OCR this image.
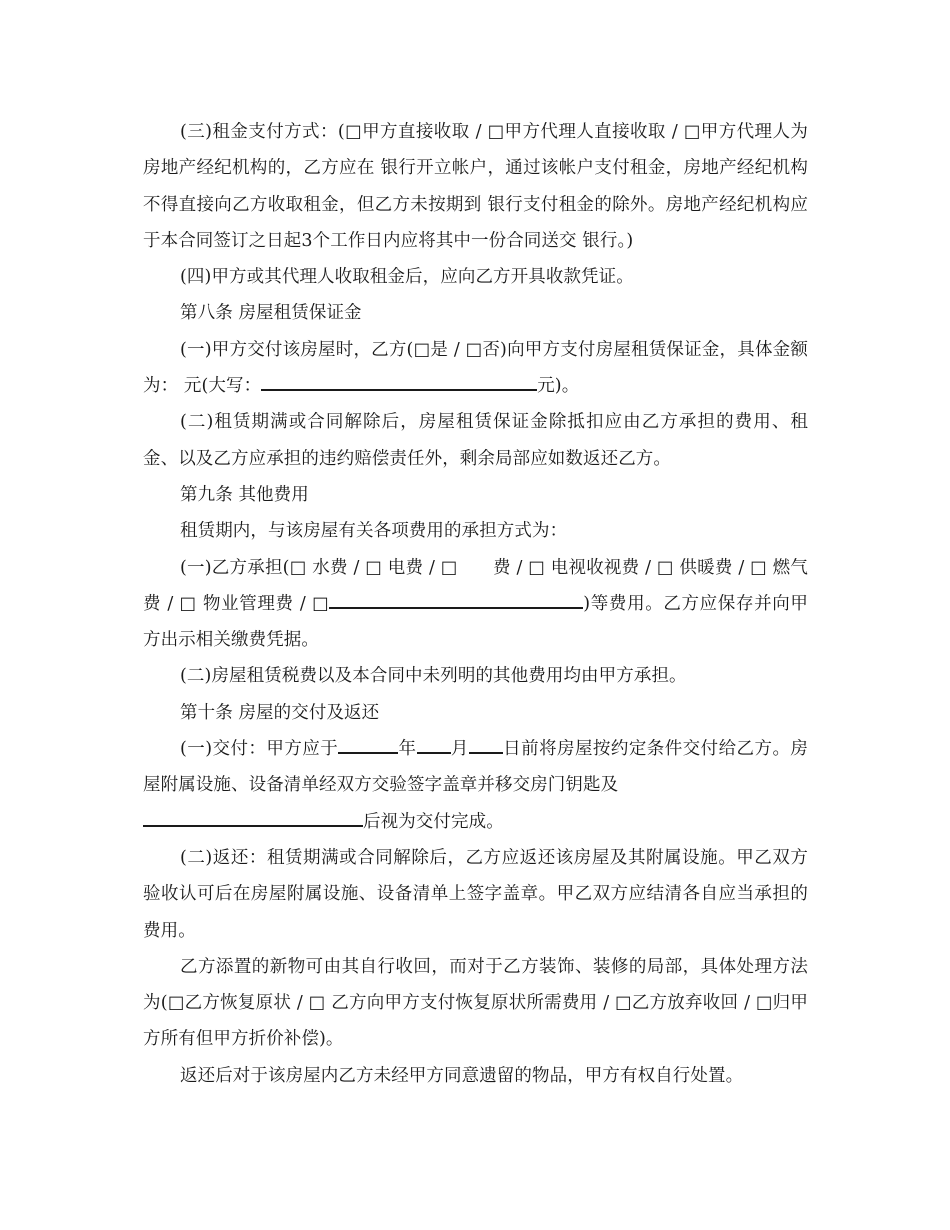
(三)租金支付方式：(□甲方直接收取 / □甲方代理人直接收取 / □甲方代理人为房地产经纪机构的，乙方应在 银行开立帐户，通过该帐户支付租金，房地产经纪机构不得直接向乙方收取租金，但乙方未按期到 银行支付租金的除外。房地产经纪机构应于本合同签订之日起3个工作日内应将其中一份合同送交 银行。)

(四)甲方或其代理人收取租金后，应向乙方开具收款凭证。

第八条 房屋租赁保证金

(一)甲方交付该房屋时，乙方(□是 / □否)向甲方支付房屋租赁保证金，具体金额为： 元(大写：	元)。

(二)租赁期满或合同解除后，房屋租赁保证金除抵扣应由乙方承担的费用、租金、以及乙方应承担的违约赔偿责任外，剩余局部应如数返还乙方。

第九条 其他费用

租赁期内，与该房屋有关各项费用的承担方式为：

(一)乙方承担(□ 水费 / □ 电费 / □　　费 / □ 电视收视费 / □ 供暖费 / □ 燃气费 / □ 物业管理费 / □	)等费用。乙方应保存并向甲方出示相关缴费凭据。

(二)房屋租赁税费以及本合同中未列明的其他费用均由甲方承担。

第十条 房屋的交付及返还

(一)交付：甲方应于	年 月 日前将房屋按约定条件交付给乙方。房屋附属设施、设备清单经双方交验签字盖章并移交房门钥匙及
后视为交付完成。

(二)返还：租赁期满或合同解除后，乙方应返还该房屋及其附属设施。甲乙双方验收认可后在房屋附属设施、设备清单上签字盖章。甲乙双方应结清各自应当承担的费用。

乙方添置的新物可由其自行收回，而对于乙方装饰、装修的局部，具体处理方法为(□乙方恢复原状 / □ 乙方向甲方支付恢复原状所需费用 / □乙方放弃收回 / □归甲方所有但甲方折价补偿)。

返还后对于该房屋内乙方未经甲方同意遗留的物品，甲方有权自行处置。
